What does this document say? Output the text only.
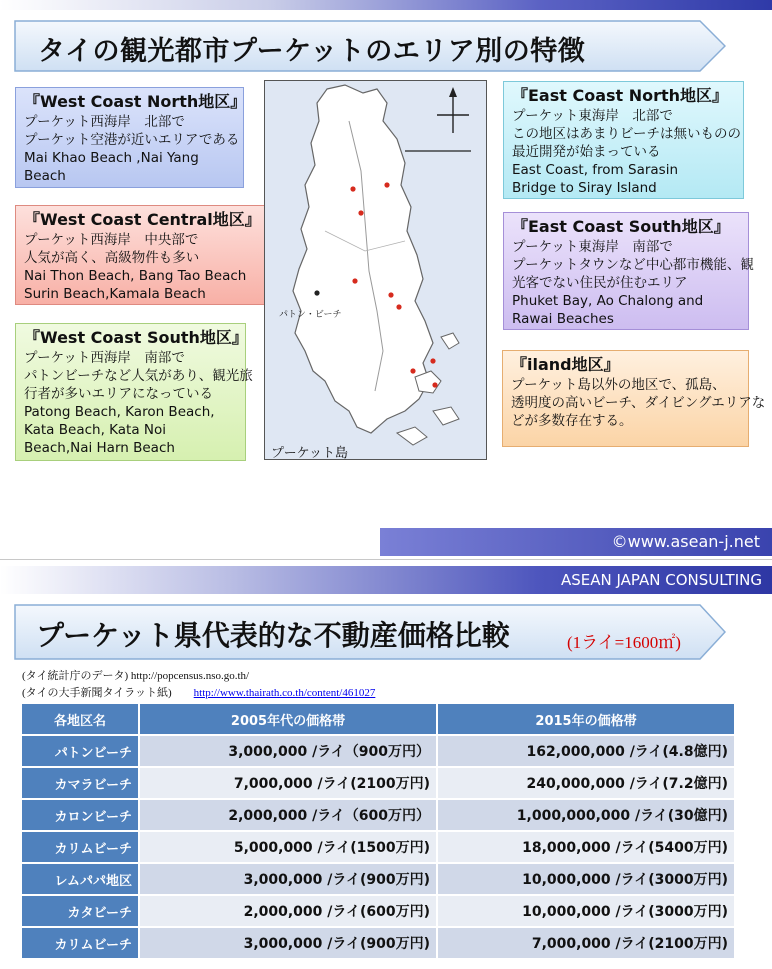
タイの観光都市プーケットのエリア別の特徴
『West Coast North地区』
プーケット西海岸　北部で
プーケット空港が近いエリアである
Mai Khao Beach ,Nai Yang
Beach
『West Coast Central地区』
プーケット西海岸　中央部で
人気が高く、高級物件も多い
Nai Thon Beach, Bang Tao Beach
Surin Beach,Kamala Beach
『West Coast South地区』
プーケット西海岸　南部で
パトンビーチなど人気があり、観光旅
行者が多いエリアになっている
Patong Beach, Karon Beach,
Kata Beach, Kata Noi
Beach,Nai Harn Beach
パトン・ビーチ
プーケット島
『East Coast North地区』
プーケット東海岸　北部で
この地区はあまりビーチは無いものの
最近開発が始まっている
East Coast, from Sarasin
Bridge to Siray Island
『East Coast South地区』
プーケット東海岸　南部で
プーケットタウンなど中心都市機能、観
光客でない住民が住むエリア
Phuket Bay, Ao Chalong and
Rawai Beaches
『iland地区』
プーケット島以外の地区で、孤島、
透明度の高いビーチ、ダイビングエリアな
どが多数存在する。
©www.asean-j.net
ASEAN JAPAN CONSULTING
プーケット県代表的な不動産価格比較	(1ライ=1600㎡)
(タイ統計庁のデータ) http://popcensus.nso.go.th/
(タイの大手新聞タイラット紙) http://www.thairath.co.th/content/461027
各地区名	2005年代の価格帯	2015年の価格帯
パトンビーチ	3,000,000 /ライ（900万円）	162,000,000 /ライ(4.8億円)
カマラビーチ	7,000,000 /ライ(2100万円)	240,000,000 /ライ(7.2億円)
カロンビーチ	2,000,000 /ライ（600万円）	1,000,000,000 /ライ(30億円)
カリムビーチ	5,000,000 /ライ(1500万円)	18,000,000 /ライ(5400万円)
レムパパ地区	3,000,000 /ライ(900万円)	10,000,000 /ライ(3000万円)
カタビーチ	2,000,000 /ライ(600万円)	10,000,000 /ライ(3000万円)
カリムビーチ	3,000,000 /ライ(900万円)	7,000,000 /ライ(2100万円)
